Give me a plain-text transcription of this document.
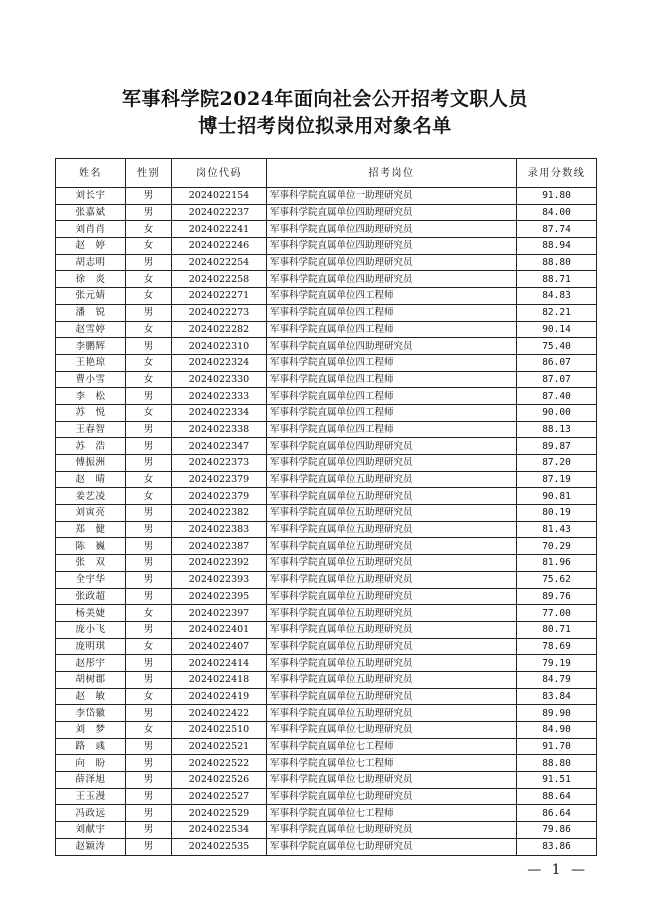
军事科学院2024年面向社会公开招考文职人员
博士招考岗位拟录用对象名单
姓名	性别	岗位代码	招考岗位	录用分数线
刘长宇	男	2024022154	军事科学院直属单位一助理研究员	91.80
张嘉斌	男	2024022237	军事科学院直属单位四助理研究员	84.00
刘肖肖	女	2024022241	军事科学院直属单位四助理研究员	87.74
赵　婷	女	2024022246	军事科学院直属单位四助理研究员	88.94
胡志明	男	2024022254	军事科学院直属单位四助理研究员	88.80
徐　炎	女	2024022258	军事科学院直属单位四助理研究员	88.71
张元婧	女	2024022271	军事科学院直属单位四工程师	84.83
潘　锐	男	2024022273	军事科学院直属单位四工程师	82.21
赵雪婷	女	2024022282	军事科学院直属单位四工程师	90.14
李鹏辉	男	2024022310	军事科学院直属单位四助理研究员	75.40
王艳琼	女	2024022324	军事科学院直属单位四工程师	86.07
曹小雪	女	2024022330	军事科学院直属单位四工程师	87.07
李　松	男	2024022333	军事科学院直属单位四工程师	87.40
苏　悦	女	2024022334	军事科学院直属单位四工程师	90.00
王春智	男	2024022338	军事科学院直属单位四工程师	88.13
苏　浩	男	2024022347	军事科学院直属单位四助理研究员	89.87
傅振洲	男	2024022373	军事科学院直属单位四助理研究员	87.20
赵　晴	女	2024022379	军事科学院直属单位五助理研究员	87.19
姜艺凌	女	2024022379	军事科学院直属单位五助理研究员	90.81
刘寅亮	男	2024022382	军事科学院直属单位五助理研究员	80.19
郑　健	男	2024022383	军事科学院直属单位五助理研究员	81.43
陈　巍	男	2024022387	军事科学院直属单位五助理研究员	70.29
张　双	男	2024022392	军事科学院直属单位五助理研究员	81.96
全宇华	男	2024022393	军事科学院直属单位五助理研究员	75.62
张政超	男	2024022395	军事科学院直属单位五助理研究员	89.76
杨美婕	女	2024022397	军事科学院直属单位五助理研究员	77.00
庞小飞	男	2024022401	军事科学院直属单位五助理研究员	80.71
庞明琪	女	2024022407	军事科学院直属单位五助理研究员	78.69
赵彤宇	男	2024022414	军事科学院直属单位五助理研究员	79.19
胡树郡	男	2024022418	军事科学院直属单位五助理研究员	84.79
赵　敏	女	2024022419	军事科学院直属单位五助理研究员	83.84
李岱徽	男	2024022422	军事科学院直属单位五助理研究员	89.90
刘　梦	女	2024022510	军事科学院直属单位七助理研究员	84.90
路　彧	男	2024022521	军事科学院直属单位七工程师	91.70
向　盼	男	2024022522	军事科学院直属单位七工程师	88.80
薛泽旭	男	2024022526	军事科学院直属单位七助理研究员	91.51
王玉漫	男	2024022527	军事科学院直属单位七助理研究员	88.64
冯政远	男	2024022529	军事科学院直属单位七工程师	86.64
刘献宇	男	2024022534	军事科学院直属单位七助理研究员	79.86
赵颖涛	男	2024022535	军事科学院直属单位七助理研究员	83.86
— 1 —
